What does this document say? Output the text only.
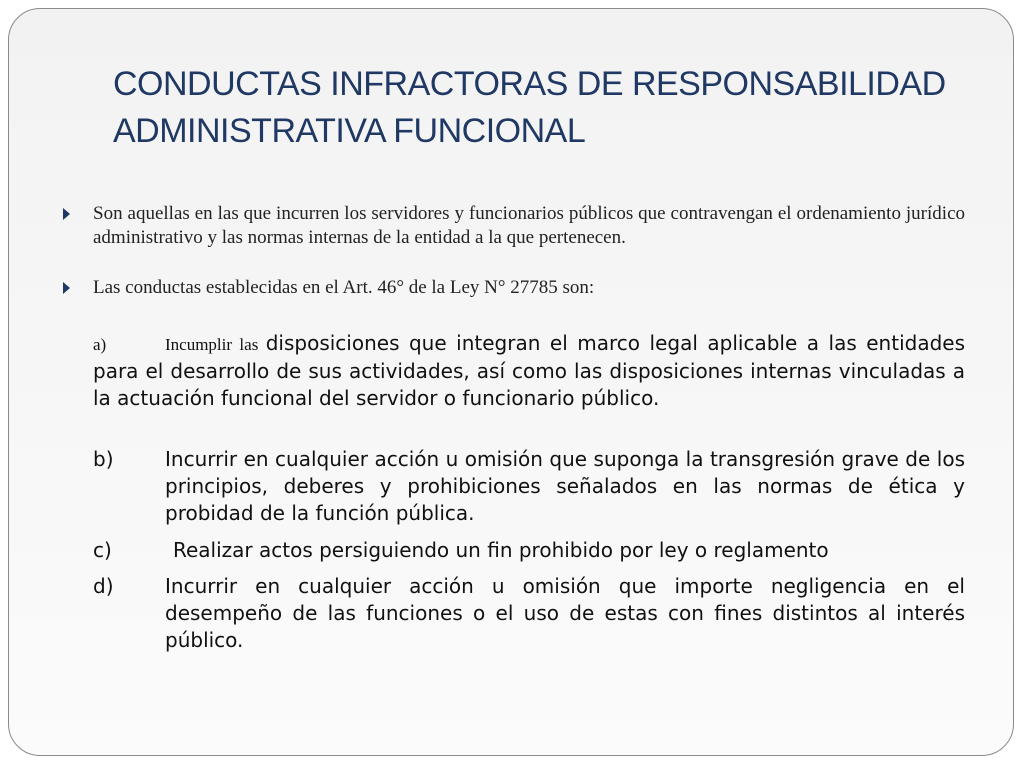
CONDUCTAS INFRACTORAS DE RESPONSABILIDAD
ADMINISTRATIVA FUNCIONAL
Son aquellas en las que incurren los servidores y funcionarios públicos que contravengan el ordenamiento jurídico administrativo y las normas internas de la entidad a la que pertenecen.
Las conductas establecidas en el Art. 46° de la Ley N° 27785 son:
a)	Incumplir las disposiciones que integran el marco legal aplicable a las entidades para el desarrollo de sus actividades, así como las disposiciones internas vinculadas a la actuación funcional del servidor o funcionario público.
b)	Incurrir en cualquier acción u omisión que suponga la transgresión grave de los principios, deberes y prohibiciones señalados en las normas de ética y probidad de la función pública.
c)	Realizar actos persiguiendo un fin prohibido por ley o reglamento
d)	Incurrir en cualquier acción u omisión que importe negligencia en el desempeño de las funciones o el uso de estas con fines distintos al interés público.
